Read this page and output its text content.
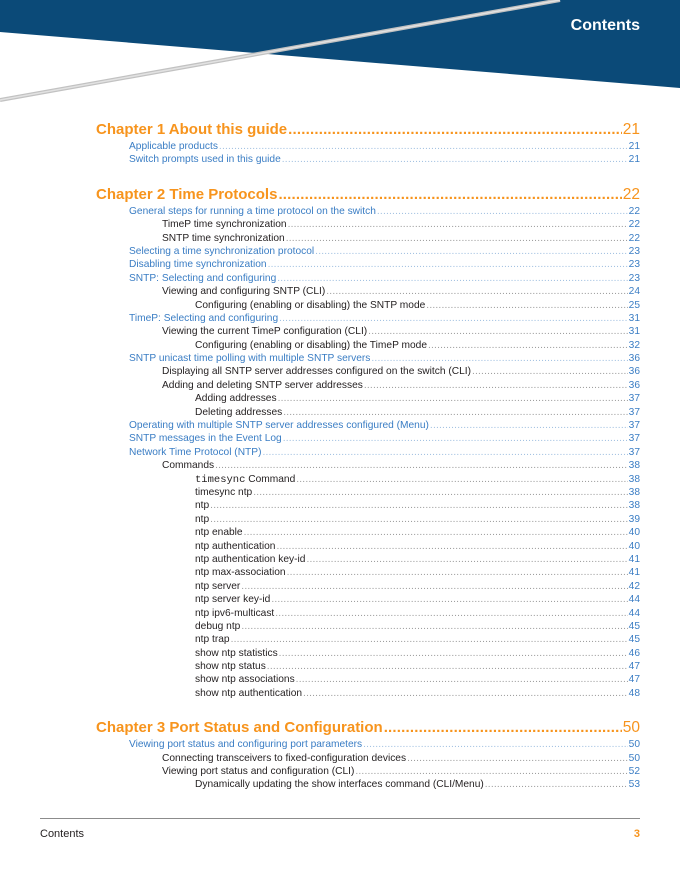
Contents
Chapter 1 About this guide .....	21
Applicable products .....	21
Switch prompts used in this guide .....	21
Chapter 2 Time Protocols .....	22
General steps for running a time protocol on the switch .....	22
TimeP time synchronization .....	22
SNTP time synchronization .....	22
Selecting a time synchronization protocol .....	23
Disabling time synchronization .....	23
SNTP: Selecting and configuring .....	23
Viewing and configuring SNTP (CLI) .....	24
Configuring (enabling or disabling) the SNTP mode .....	25
TimeP: Selecting and configuring .....	31
Viewing the current TimeP configuration (CLI) .....	31
Configuring (enabling or disabling) the TimeP mode .....	32
SNTP unicast time polling with multiple SNTP servers .....	36
Displaying all SNTP server addresses configured on the switch (CLI) .....	36
Adding and deleting SNTP server addresses .....	36
Adding addresses .....	37
Deleting addresses .....	37
Operating with multiple SNTP server addresses configured (Menu) .....	37
SNTP messages in the Event Log .....	37
Network Time Protocol (NTP) .....	37
Commands .....	38
timesync Command .....	38
timesync ntp .....	38
ntp .....	38
ntp .....	39
ntp enable .....	40
ntp authentication .....	40
ntp authentication key-id .....	41
ntp max-association .....	41
ntp server .....	42
ntp server key-id .....	44
ntp ipv6-multicast .....	44
debug ntp .....	45
ntp trap .....	45
show ntp statistics .....	46
show ntp status .....	47
show ntp associations .....	47
show ntp authentication .....	48
Chapter 3 Port Status and Configuration .....	50
Viewing port status and configuring port parameters .....	50
Connecting transceivers to fixed-configuration devices .....	50
Viewing port status and configuration (CLI) .....	52
Dynamically updating the show interfaces command (CLI/Menu) .....	53
Contents	3
